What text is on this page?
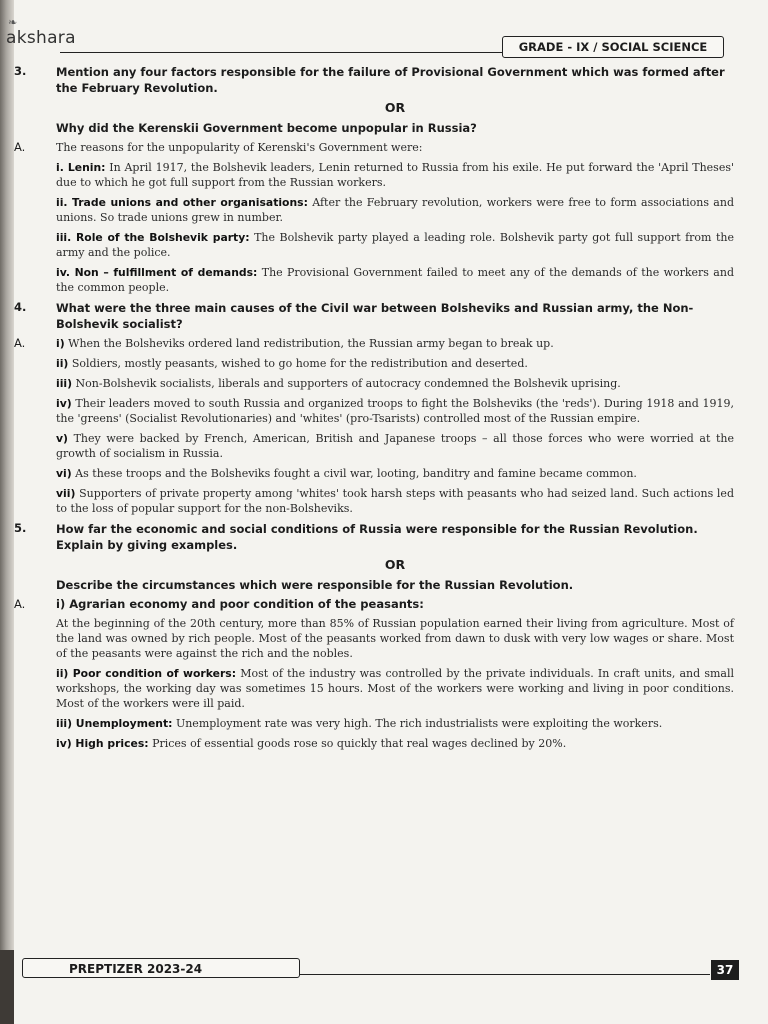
❧
akshara	GRADE - IX / SOCIAL SCIENCE
3.	Mention any four factors responsible for the failure of Provisional Government which was formed after the February Revolution.

OR

Why did the Kerenskii Government become unpopular in Russia?

A.	The reasons for the unpopularity of Kerenski's Government were:

i. Lenin: In April 1917, the Bolshevik leaders, Lenin returned to Russia from his exile. He put forward the 'April Theses' due to which he got full support from the Russian workers.

ii. Trade unions and other organisations: After the February revolution, workers were free to form associations and unions. So trade unions grew in number.

iii. Role of the Bolshevik party: The Bolshevik party played a leading role. Bolshevik party got full support from the army and the police.

iv. Non – fulfillment of demands: The Provisional Government failed to meet any of the demands of the workers and the common people.

4.	What were the three main causes of the Civil war between Bolsheviks and Russian army, the Non-Bolshevik socialist?

A.	i) When the Bolsheviks ordered land redistribution, the Russian army began to break up.

ii) Soldiers, mostly peasants, wished to go home for the redistribution and deserted.

iii) Non-Bolshevik socialists, liberals and supporters of autocracy condemned the Bolshevik uprising.

iv) Their leaders moved to south Russia and organized troops to fight the Bolsheviks (the 'reds'). During 1918 and 1919, the 'greens' (Socialist Revolutionaries) and 'whites' (pro-Tsarists) controlled most of the Russian empire.

v) They were backed by French, American, British and Japanese troops – all those forces who were worried at the growth of socialism in Russia.

vi) As these troops and the Bolsheviks fought a civil war, looting, banditry and famine became common.

vii) Supporters of private property among 'whites' took harsh steps with peasants who had seized land. Such actions led to the loss of popular support for the non-Bolsheviks.

5.	How far the economic and social conditions of Russia were responsible for the Russian Revolution. Explain by giving examples.

OR

Describe the circumstances which were responsible for the Russian Revolution.

A.	i) Agrarian economy and poor condition of the peasants:

At the beginning of the 20th century, more than 85% of Russian population earned their living from agriculture. Most of the land was owned by rich people. Most of the peasants worked from dawn to dusk with very low wages or share. Most of the peasants were against the rich and the nobles.

ii) Poor condition of workers: Most of the industry was controlled by the private individuals. In craft units, and small workshops, the working day was sometimes 15 hours. Most of the workers were working and living in poor conditions. Most of the workers were ill paid.

iii) Unemployment: Unemployment rate was very high. The rich industrialists were exploiting the workers.

iv) High prices: Prices of essential goods rose so quickly that real wages declined by 20%.

PREPTIZER 2023-24	37
